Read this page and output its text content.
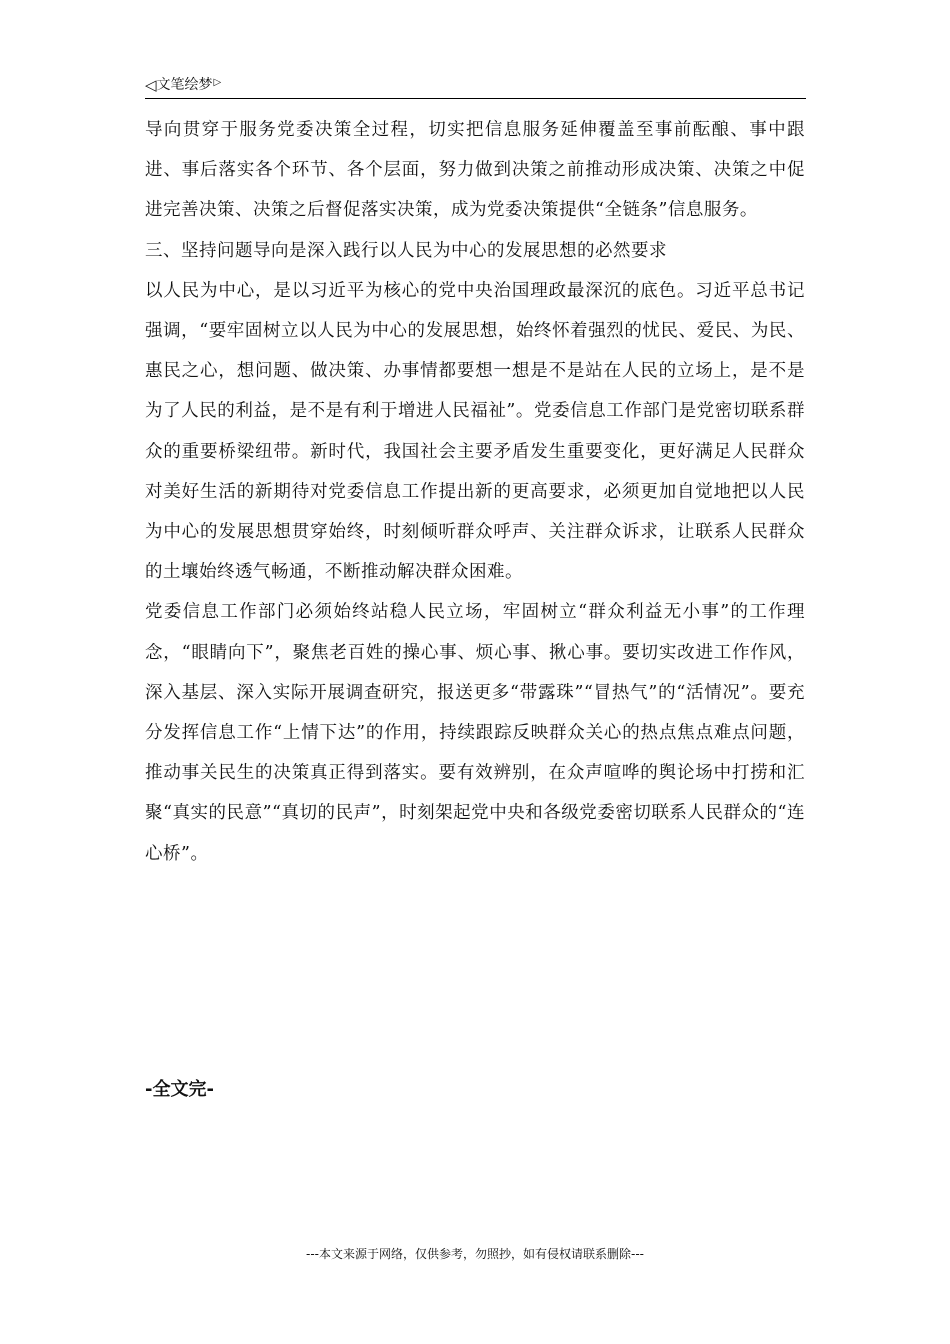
◁ 文笔绘梦 ▷

导向贯穿于服务党委决策全过程，切实把信息服务延伸覆盖至事前酝酿、事中跟进、事后落实各个环节、各个层面，努力做到决策之前推动形成决策、决策之中促进完善决策、决策之后督促落实决策，成为党委决策提供“全链条”信息服务。

三、坚持问题导向是深入践行以人民为中心的发展思想的必然要求

以人民为中心，是以习近平为核心的党中央治国理政最深沉的底色。习近平总书记强调，“要牢固树立以人民为中心的发展思想，始终怀着强烈的忧民、爱民、为民、惠民之心，想问题、做决策、办事情都要想一想是不是站在人民的立场上，是不是为了人民的利益，是不是有利于增进人民福祉”。党委信息工作部门是党密切联系群众的重要桥梁纽带。新时代，我国社会主要矛盾发生重要变化，更好满足人民群众对美好生活的新期待对党委信息工作提出新的更高要求，必须更加自觉地把以人民为中心的发展思想贯穿始终，时刻倾听群众呼声、关注群众诉求，让联系人民群众的土壤始终透气畅通，不断推动解决群众困难。

党委信息工作部门必须始终站稳人民立场，牢固树立“群众利益无小事”的工作理念，“眼睛向下”，聚焦老百姓的操心事、烦心事、揪心事。要切实改进工作作风，深入基层、深入实际开展调查研究，报送更多“带露珠”“冒热气”的“活情况”。要充分发挥信息工作“上情下达”的作用，持续跟踪反映群众关心的热点焦点难点问题，推动事关民生的决策真正得到落实。要有效辨别，在众声喧哗的舆论场中打捞和汇聚“真实的民意”“真切的民声”，时刻架起党中央和各级党委密切联系人民群众的“连心桥”。

-全文完-
---本文来源于网络，仅供参考，勿照抄，如有侵权请联系删除---
